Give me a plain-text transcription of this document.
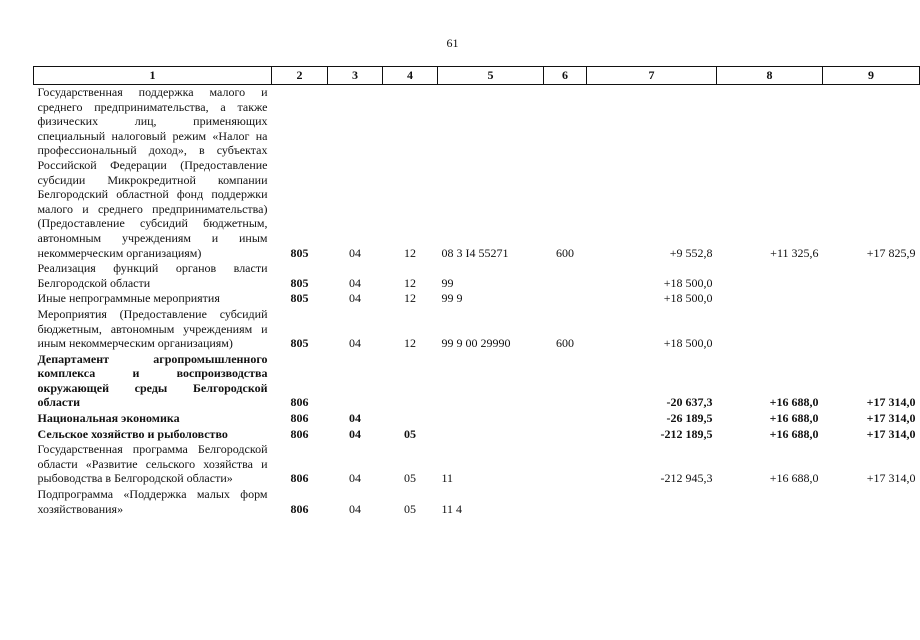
61
1	2	3	4	5	6	7	8	9
Государственная поддержка малого и среднего предпринимательства, а также физических лиц, применяющих специальный налоговый режим «Налог на профессиональный доход», в субъектах Российской Федерации (Предоставление субсидии Микрокредитной компании Белгородский областной фонд поддержки малого и среднего предпринимательства) (Предоставление субсидий бюджетным, автономным учреждениям и иным некоммерческим организациям)	805	04	12	08 3 I4 55271	600	+9 552,8	+11 325,6	+17 825,9
Реализация функций органов власти Белгородской области	805	04	12	99		+18 500,0		
Иные непрограммные мероприятия	805	04	12	99 9		+18 500,0		
Мероприятия (Предоставление субсидий бюджетным, автономным учреждениям и иным некоммерческим организациям)	805	04	12	99 9 00 29990	600	+18 500,0		
Департамент агропромышленного комплекса и воспроизводства окружающей среды Белгородской области	806					-20 637,3	+16 688,0	+17 314,0
Национальная экономика	806	04				-26 189,5	+16 688,0	+17 314,0
Сельское хозяйство и рыболовство	806	04	05			-212 189,5	+16 688,0	+17 314,0
Государственная программа Белгородской области «Развитие сельского хозяйства и рыбоводства в Белгородской области»	806	04	05	11		-212 945,3	+16 688,0	+17 314,0
Подпрограмма «Поддержка малых форм хозяйствования»	806	04	05	11 4				
